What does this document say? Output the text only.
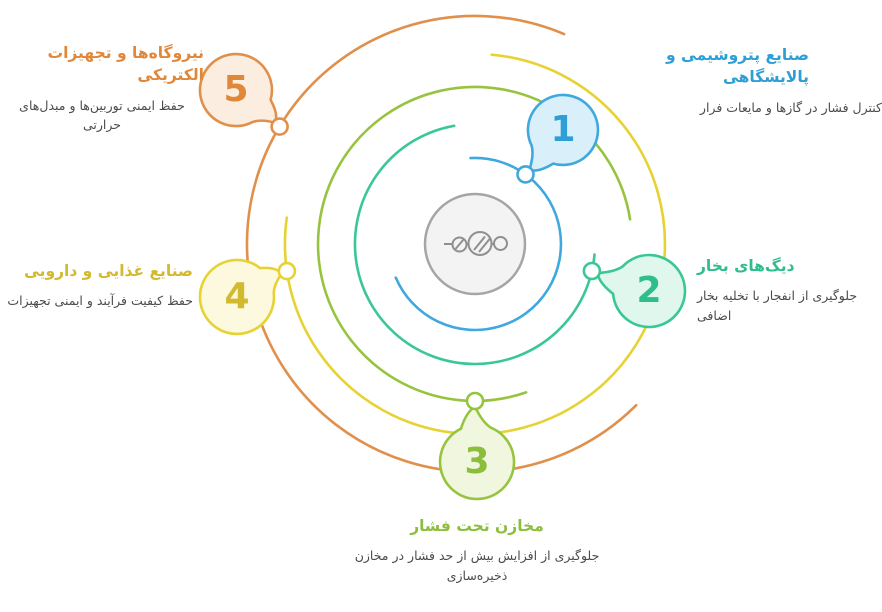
صنایع پتروشیمی و پالایشگاهی
کنترل فشار در گازها و مایعات فرار
دیگ‌های بخار
جلوگیری از انفجار با تخلیه بخار اضافی
مخازن تحت فشار
جلوگیری از افزایش بیش از حد فشار در مخازن ذخیره‌سازی
صنایع غذایی و دارویی
حفظ کیفیت فرآیند و ایمنی تجهیزات
نیروگاه‌ها و تجهیزات الکتریکی
حفظ ایمنی توربین‌ها و مبدل‌های حرارتی	1
2
3
4
5
